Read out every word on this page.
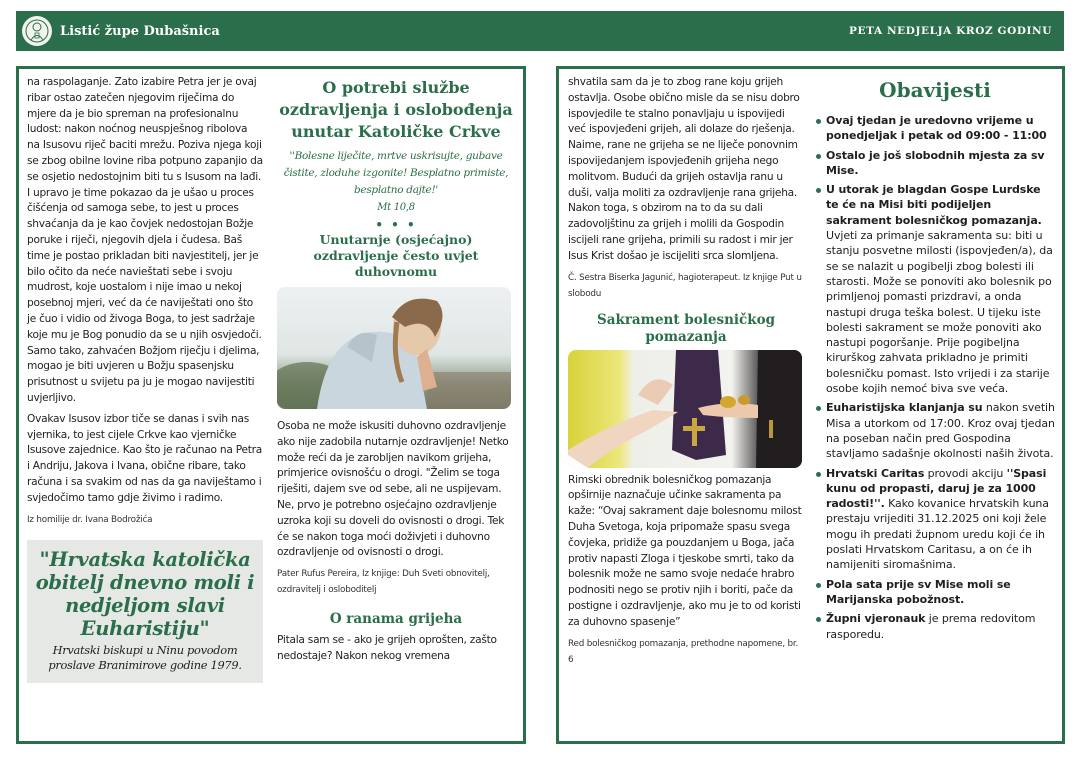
Listić župe Dubašnica	PETA NEDJELJA KROZ GODINU

na raspolaganje. Zato izabire Petra jer je ovaj ribar ostao zatečen njegovim riječima do mjere da je bio spreman na profesionalnu ludost: nakon noćnog neuspješnog ribolova na Isusovu riječ baciti mrežu. Poziva njega koji se zbog obilne lovine riba potpuno zapanjio da se osjetio nedostojnim biti tu s Isusom na lađi. I upravo je time pokazao da je ušao u proces čišćenja od samoga sebe, to jest u proces shvaćanja da je kao čovjek nedostojan Božje poruke i riječi, njegovih djela i čudesa. Baš time je postao prikladan biti navjestitelj, jer je bilo očito da neće navieštati sebe i svoju mudrost, koje uostalom i nije imao u nekoj posebnoj mjeri, već da će naviještati ono što je čuo i vidio od živoga Boga, to jest sadržaje koje mu je Bog ponudio da se u njih osvjedoči. Samo tako, zahvaćen Božjom riječju i djelima, mogao je biti uvjeren u Božju spasenjsku prisutnost u svijetu pa ju je mogao navijestiti uvjerljivo.

Ovakav Isusov izbor tiče se danas i svih nas vjernika, to jest cijele Crkve kao vjerničke Isusove zajednice. Kao što je računao na Petra i Andriju, Jakova i Ivana, obične ribare, tako računa i sa svakim od nas da ga naviještamo i svjedočimo tamo gdje živimo i radimo.

Iz homilije dr. Ivana Bodrožića
"Hrvatska katolička obitelj dnevno moli i nedjeljom slavi Euharistiju"
Hrvatski biskupi u Ninu povodom proslave Branimirove godine 1979.
O potrebi službe ozdravljenja i oslobođenja unutar Katoličke Crkve
''Bolesne liječite, mrtve uskrisujte, gubave čistite, zloduhe izgonite! Besplatno primiste, besplatno dajte!'
Mt 10,8
• • •
Unutarnje (osjećajno) ozdravljenje često uvjet duhovnomu
Osoba ne može iskusiti duhovno ozdravljenje ako nije zadobila nutarnje ozdravljenje! Netko može reći da je zarobljen navikom grijeha, primjerice ovisnošću o drogi. "Želim se toga riješiti, dajem sve od sebe, ali ne uspijevam. Ne, prvo je potrebno osjećajno ozdravljenje uzroka koji su doveli do ovisnosti o drogi. Tek će se nakon toga moći doživjeti i duhovno ozdravljenje od ovisnosti o drogi.
Pater Rufus Pereira, Iz knjige: Duh Sveti obnovitelj, ozdravitelj i osloboditelj
O ranama grijeha
Pitala sam se - ako je grijeh oprošten, zašto nedostaje? Nakon nekog vremena
shvatila sam da je to zbog rane koju grijeh ostavlja. Osobe obično misle da se nisu dobro ispovjedile te stalno ponavljaju u ispovijedi već ispovjeđeni grijeh, ali dolaze do rješenja. Naime, rane ne grijeha se ne liječe ponovnim ispovijedanjem ispovjeđenih grijeha nego molitvom. Budući da grijeh ostavlja ranu u duši, valja moliti za ozdravljenje rana grijeha. Nakon toga, s obzirom na to da su dali zadovoljštinu za grijeh i molili da Gospodin iscijeli rane grijeha, primili su radost i mir jer Isus Krist došao je iscijeliti srca slomljena.
Č. Sestra Biserka Jagunić, hagioterapeut. Iz knjige Put u slobodu
Sakrament bolesničkog pomazanja
Rimski obrednik bolesničkog pomazanja opširnije naznačuje učinke sakramenta pa kaže: “Ovaj sakrament daje bolesnomu milost Duha Svetoga, koja pripomaže spasu svega čovjeka, pridiže ga pouzdanjem u Boga, jača protiv napasti Zloga i tjeskobe smrti, tako da bolesnik može ne samo svoje nedaće hrabro podnositi nego se protiv njih i boriti, pače da postigne i ozdravljenje, ako mu je to od koristi za duhovno spasenje”
Red bolesničkog pomazanja, prethodne napomene, br. 6
Obavijesti
Ovaj tjedan je uredovno vrijeme u ponedjeljak i petak od 09:00 - 11:00
Ostalo je još slobodnih mjesta za sv Mise.
U utorak je blagdan Gospe Lurdske te će na Misi biti podijeljen sakrament bolesničkog pomazanja. Uvjeti za primanje sakramenta su: biti u stanju posvetne milosti (ispovjeđen/a), da se se nalazit u pogibelji zbog bolesti ili starosti. Može se ponoviti ako bolesnik po primljenoj pomasti prizdravi, a onda nastupi druga teška bolest. U tijeku iste bolesti sakrament se može ponoviti ako nastupi pogoršanje. Prije pogibeljna kirurškog zahvata prikladno je primiti bolesničku pomast. Isto vrijedi i za starije osobe kojih nemoć biva sve veća.
Euharistijska klanjanja su nakon svetih Misa a utorkom od 17:00. Kroz ovaj tjedan na poseban način pred Gospodina stavljamo sadašnje okolnosti naših života.
Hrvatski Caritas provodi akciju ''Spasi kunu od propasti, daruj je za 1000 radosti!''. Kako kovanice hrvatskih kuna prestaju vrijediti 31.12.2025 oni koji žele mogu ih predati župnom uredu koji će ih poslati Hrvatskom Caritasu, a on će ih namijeniti siromašnima.
Pola sata prije sv Mise moli se Marijanska pobožnost.
Župni vjeronauk je prema redovitom rasporedu.
